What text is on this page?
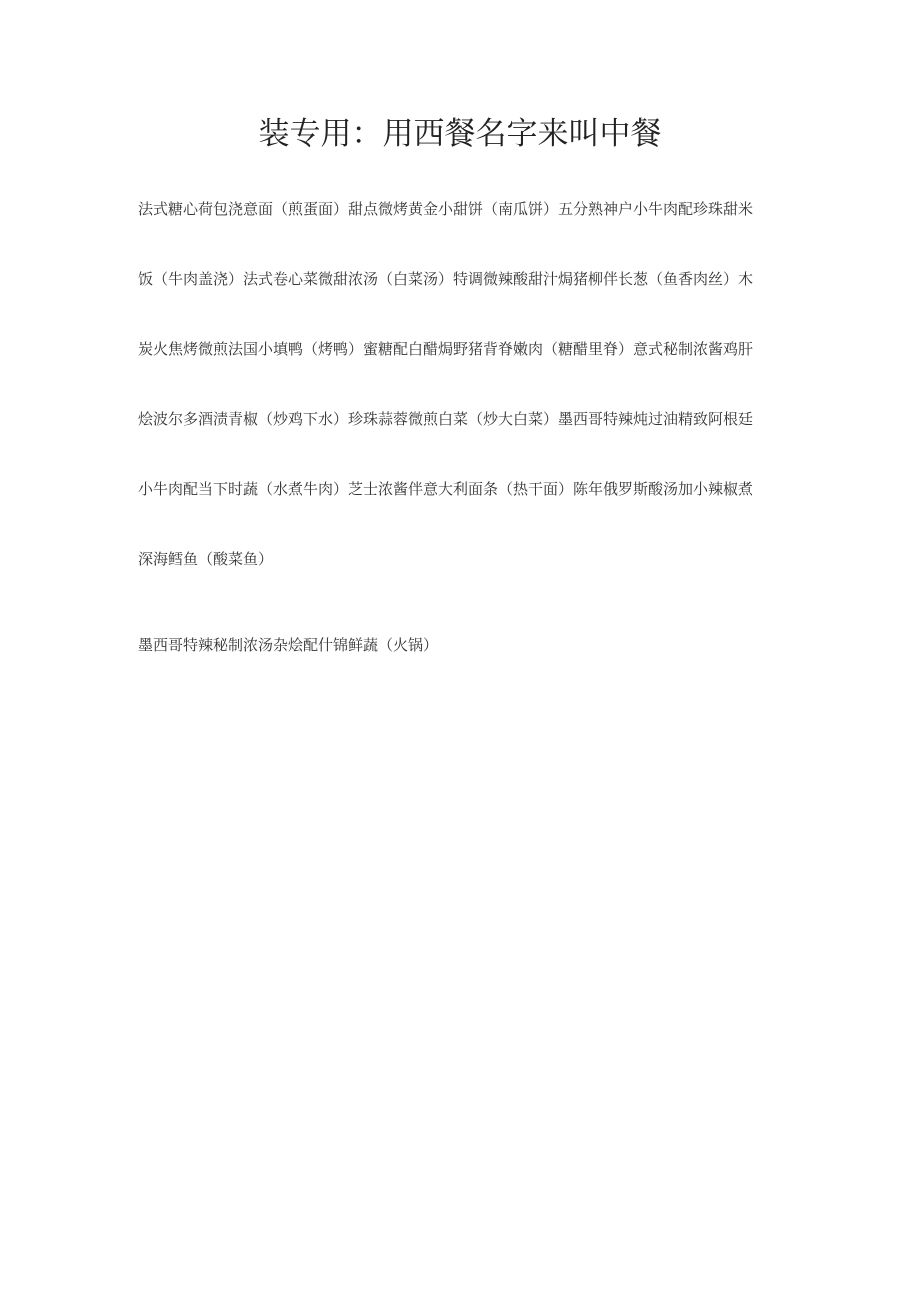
装专用：用西餐名字来叫中餐

法式糖心荷包浇意面（煎蛋面）甜点微烤黄金小甜饼（南瓜饼）五分熟神户小牛肉配珍珠甜米

饭（牛肉盖浇）法式卷心菜微甜浓汤（白菜汤）特调微辣酸甜汁焗猪柳伴长葱（鱼香肉丝）木

炭火焦烤微煎法国小填鸭（烤鸭）蜜糖配白醋焗野猪背脊嫩肉（糖醋里脊）意式秘制浓酱鸡肝

烩波尔多酒渍青椒（炒鸡下水）珍珠蒜蓉微煎白菜（炒大白菜）墨西哥特辣炖过油精致阿根廷

小牛肉配当下时蔬（水煮牛肉）芝士浓酱伴意大利面条（热干面）陈年俄罗斯酸汤加小辣椒煮

深海鳕鱼（酸菜鱼）

墨西哥特辣秘制浓汤杂烩配什锦鲜蔬（火锅）
